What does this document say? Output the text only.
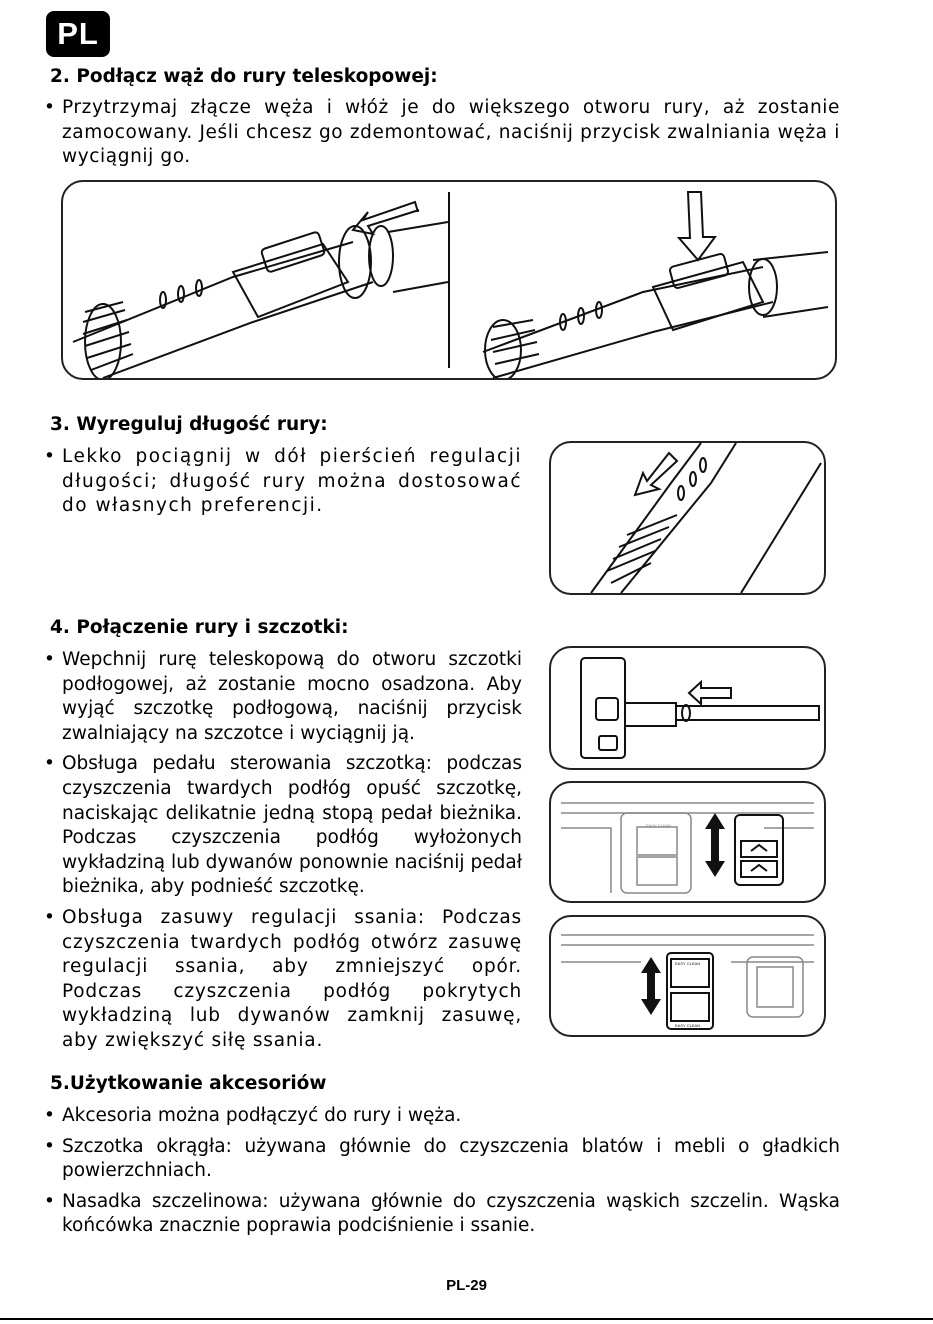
PL
2. Podłącz wąż do rury teleskopowej:
• Przytrzymaj złącze węża i włóż je do większego otworu rury, aż zostanie zamocowany. Jeśli chcesz go zdemontować, naciśnij przycisk zwalniania węża i wyciągnij go.
3. Wyreguluj długość rury:
• Lekko pociągnij w dół pierścień regulacji długości; długość rury można dostosować do własnych preferencji.
4. Połączenie rury i szczotki:
• Wepchnij rurę teleskopową do otworu szczotki podłogowej, aż zostanie mocno osadzona. Aby wyjąć szczotkę podłogową, naciśnij przycisk zwalniający na szczotce i wyciągnij ją.
• Obsługa pedału sterowania szczotką: podczas czyszczenia twardych podłóg opuść szczotkę, naciskając delikatnie jedną stopą pedał bieżnika. Podczas czyszczenia podłóg wyłożonych wykładziną lub dywanów ponownie naciśnij pedał bieżnika, aby podnieść szczotkę.
• Obsługa zasuwy regulacji ssania: Podczas czyszczenia twardych podłóg otwórz zasuwę regulacji ssania, aby zmniejszyć opór. Podczas czyszczenia podłóg pokrytych wykładziną lub dywanów zamknij zasuwę, aby zwiększyć siłę ssania.
EASY CLEAN
EASY CLEAN
EASY CLEAN
5.Użytkowanie akcesoriów
• Akcesoria można podłączyć do rury i węża.
• Szczotka okrągła: używana głównie do czyszczenia blatów i mebli o gładkich powierzchniach.
• Nasadka szczelinowa: używana głównie do czyszczenia wąskich szczelin. Wąska końcówka znacznie poprawia podciśnienie i ssanie.
PL-29
